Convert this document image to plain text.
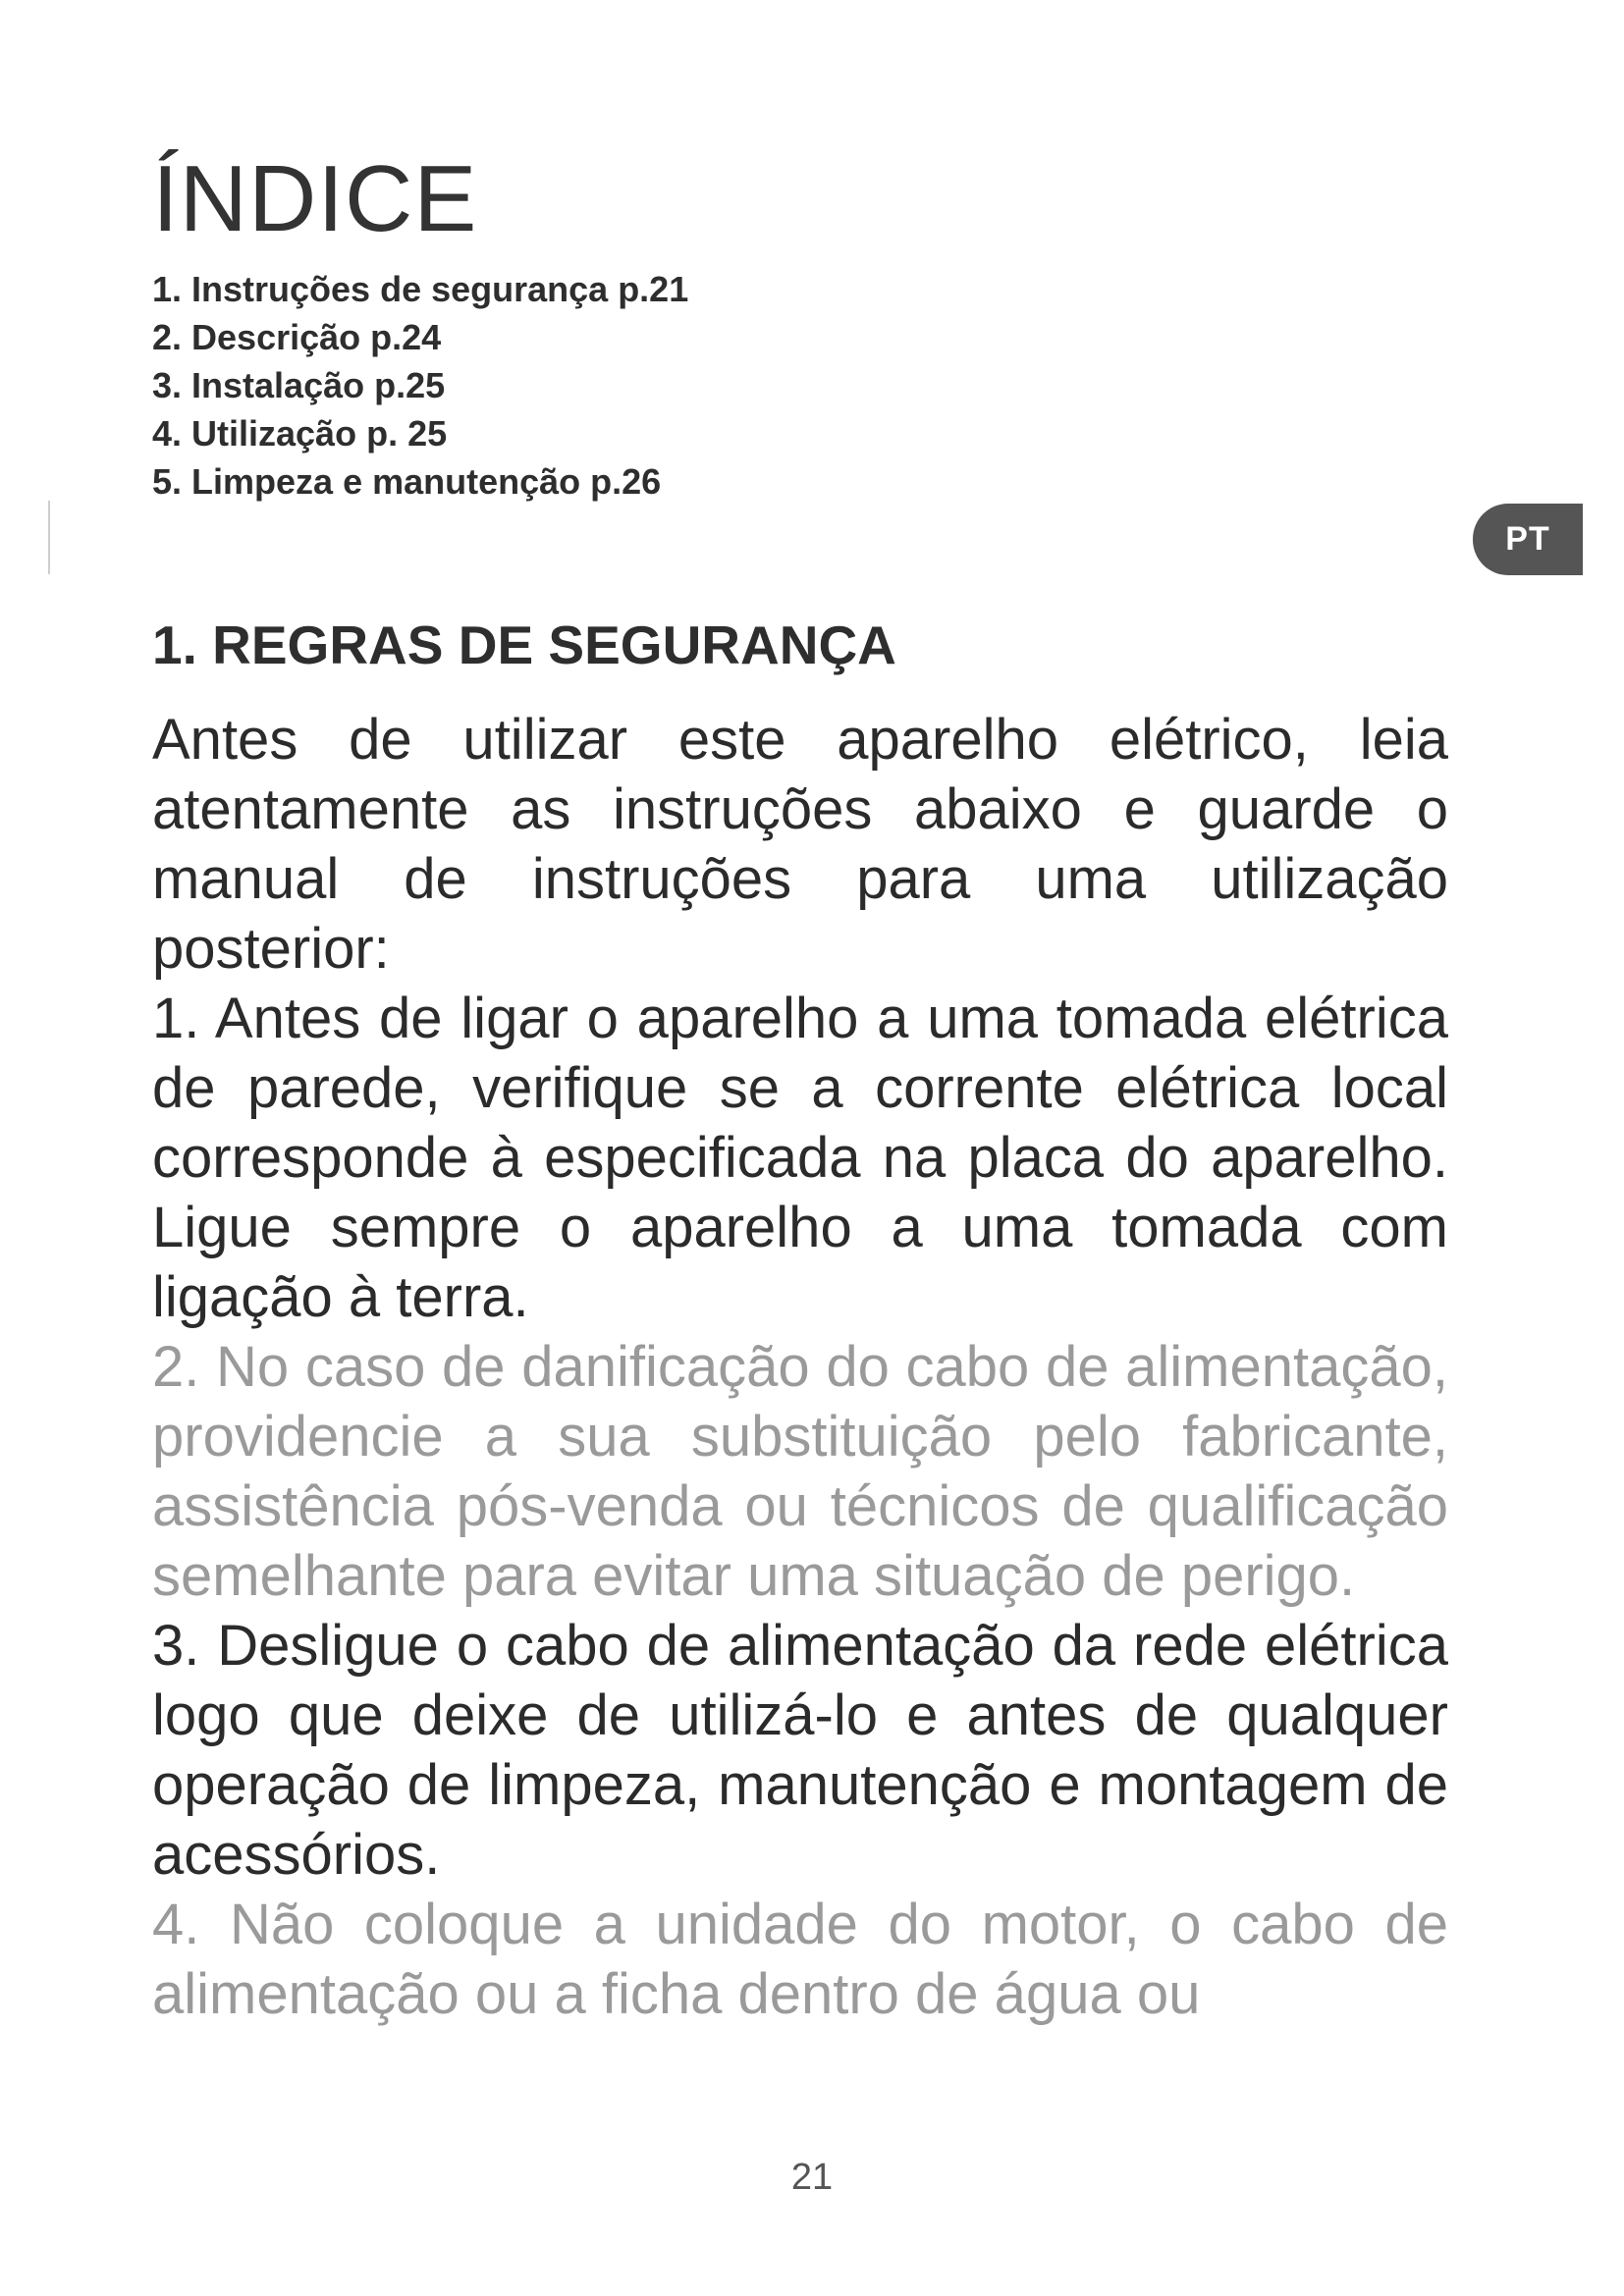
ÍNDICE
1. Instruções de segurança p.21
2. Descrição p.24
3. Instalação p.25
4. Utilização p. 25
5. Limpeza e manutenção p.26
PT
1. REGRAS DE SEGURANÇA

Antes de utilizar este aparelho elétrico, leia atentamente as instruções abaixo e guarde o manual de instruções para uma utilização posterior:

1. Antes de ligar o aparelho a uma tomada elétrica de parede, verifique se a corrente elétrica local corresponde à especificada na placa do aparelho. Ligue sempre o aparelho a uma tomada com ligação à terra.

2. No caso de danificação do cabo de alimentação, providencie a sua substituição pelo fabricante, assistência pós-venda ou técnicos de qualificação semelhante para evitar uma situação de perigo.

3. Desligue o cabo de alimentação da rede elétrica logo que deixe de utilizá-lo e antes de qualquer operação de limpeza, manutenção e montagem de acessórios.

4. Não coloque a unidade do motor, o cabo de alimentação ou a ficha dentro de água ou

21
